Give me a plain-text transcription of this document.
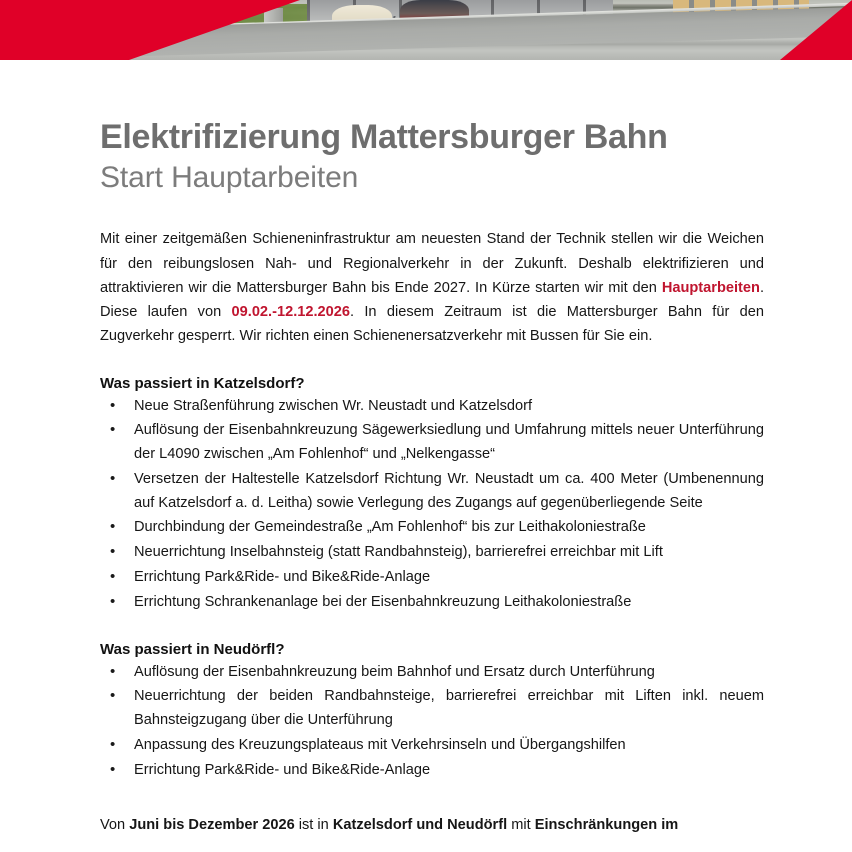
Elektrifizierung Mattersburger Bahn
Start Hauptarbeiten

Mit einer zeitgemäßen Schieneninfrastruktur am neuesten Stand der Technik stellen wir die Weichen für den reibungslosen Nah- und Regionalverkehr in der Zukunft. Deshalb elektrifizieren und attraktivieren wir die Mattersburger Bahn bis Ende 2027. In Kürze starten wir mit den Hauptarbeiten. Diese laufen von 09.02.-12.12.2026. In diesem Zeitraum ist die Mattersburger Bahn für den Zugverkehr gesperrt. Wir richten einen Schienenersatzverkehr mit Bussen für Sie ein.

Was passiert in Katzelsdorf?
• Neue Straßenführung zwischen Wr. Neustadt und Katzelsdorf
• Auflösung der Eisenbahnkreuzung Sägewerksiedlung und Umfahrung mittels neuer Unterführung der L4090 zwischen „Am Fohlenhof“ und „Nelkengasse“
• Versetzen der Haltestelle Katzelsdorf Richtung Wr. Neustadt um ca. 400 Meter (Umbenennung auf Katzelsdorf a. d. Leitha) sowie Verlegung des Zugangs auf gegenüberliegende Seite
• Durchbindung der Gemeindestraße „Am Fohlenhof“ bis zur Leithakoloniestraße
• Neuerrichtung Inselbahnsteig (statt Randbahnsteig), barrierefrei erreichbar mit Lift
• Errichtung Park&Ride- und Bike&Ride-Anlage
• Errichtung Schrankenanlage bei der Eisenbahnkreuzung Leithakoloniestraße
Was passiert in Neudörfl?
• Auflösung der Eisenbahnkreuzung beim Bahnhof und Ersatz durch Unterführung
• Neuerrichtung der beiden Randbahnsteige, barrierefrei erreichbar mit Liften inkl. neuem Bahnsteigzugang über die Unterführung
• Anpassung des Kreuzungsplateaus mit Verkehrsinseln und Übergangshilfen
• Errichtung Park&Ride- und Bike&Ride-Anlage

Von Juni bis Dezember 2026 ist in Katzelsdorf und Neudörfl mit Einschränkungen im
